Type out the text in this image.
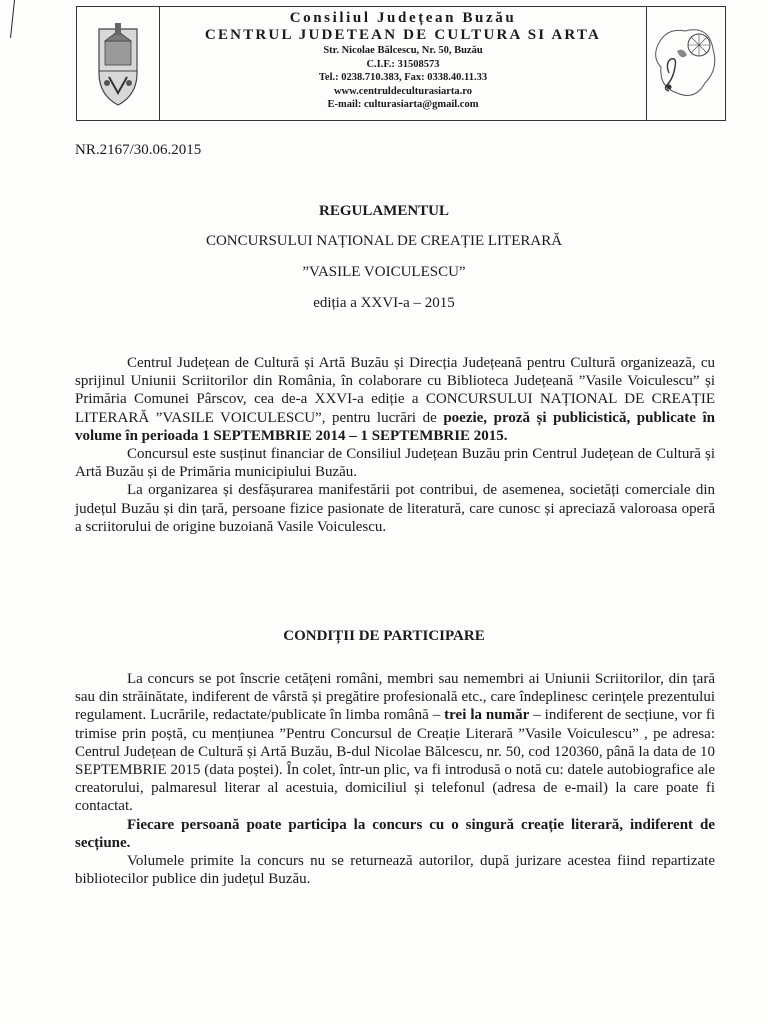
Consiliul Județean Buzău
CENTRUL JUDETEAN DE CULTURA SI ARTA
Str. Nicolae Bălcescu, Nr. 50, Buzău
C.I.F.: 31508573
Tel.: 0238.710.383, Fax: 0338.40.11.33
www.centruldeculturasiarta.ro
E-mail: culturasiarta@gmail.com
NR.2167/30.06.2015
REGULAMENTUL
CONCURSULUI NAȚIONAL DE CREAȚIE LITERARĂ
”VASILE VOICULESCU”
ediția a XXVI-a – 2015

Centrul Județean de Cultură și Artă Buzău și Direcția Județeană pentru Cultură organizează, cu sprijinul Uniunii Scriitorilor din România, în colaborare cu Biblioteca Județeană ”Vasile Voiculescu” și Primăria Comunei Pârscov, cea de-a XXVI-a ediție a CONCURSULUI NAȚIONAL DE CREAȚIE LITERARĂ ”VASILE VOICULESCU”, pentru lucrări de poezie, proză și publicistică, publicate în volume în perioada 1 SEPTEMBRIE 2014 – 1 SEPTEMBRIE 2015.

Concursul este susținut financiar de Consiliul Județean Buzău prin Centrul Județean de Cultură și Artă Buzău și de Primăria municipiului Buzău.

La organizarea și desfășurarea manifestării pot contribui, de asemenea, societăți comerciale din județul Buzău și din țară, persoane fizice pasionate de literatură, care cunosc și apreciază valoroasa operă a scriitorului de origine buzoiană Vasile Voiculescu.

CONDIȚII DE PARTICIPARE

La concurs se pot înscrie cetățeni români, membri sau nemembri ai Uniunii Scriitorilor, din țară sau din străinătate, indiferent de vârstă și pregătire profesională etc., care îndeplinesc cerințele prezentului regulament. Lucrările, redactate/publicate în limba română – trei la număr – indiferent de secțiune, vor fi trimise prin poștă, cu mențiunea ”Pentru Concursul de Creație Literară ”Vasile Voiculescu” , pe adresa: Centrul Județean de Cultură și Artă Buzău, B-dul Nicolae Bălcescu, nr. 50, cod 120360, până la data de 10 SEPTEMBRIE 2015 (data poștei). În colet, într-un plic, va fi introdusă o notă cu: datele autobiografice ale creatorului, palmaresul literar al acestuia, domiciliul și telefonul (adresa de e-mail) la care poate fi contactat.

Fiecare persoană poate participa la concurs cu o singură creație literară, indiferent de secțiune.

Volumele primite la concurs nu se returnează autorilor, după jurizare acestea fiind repartizate bibliotecilor publice din județul Buzău.
